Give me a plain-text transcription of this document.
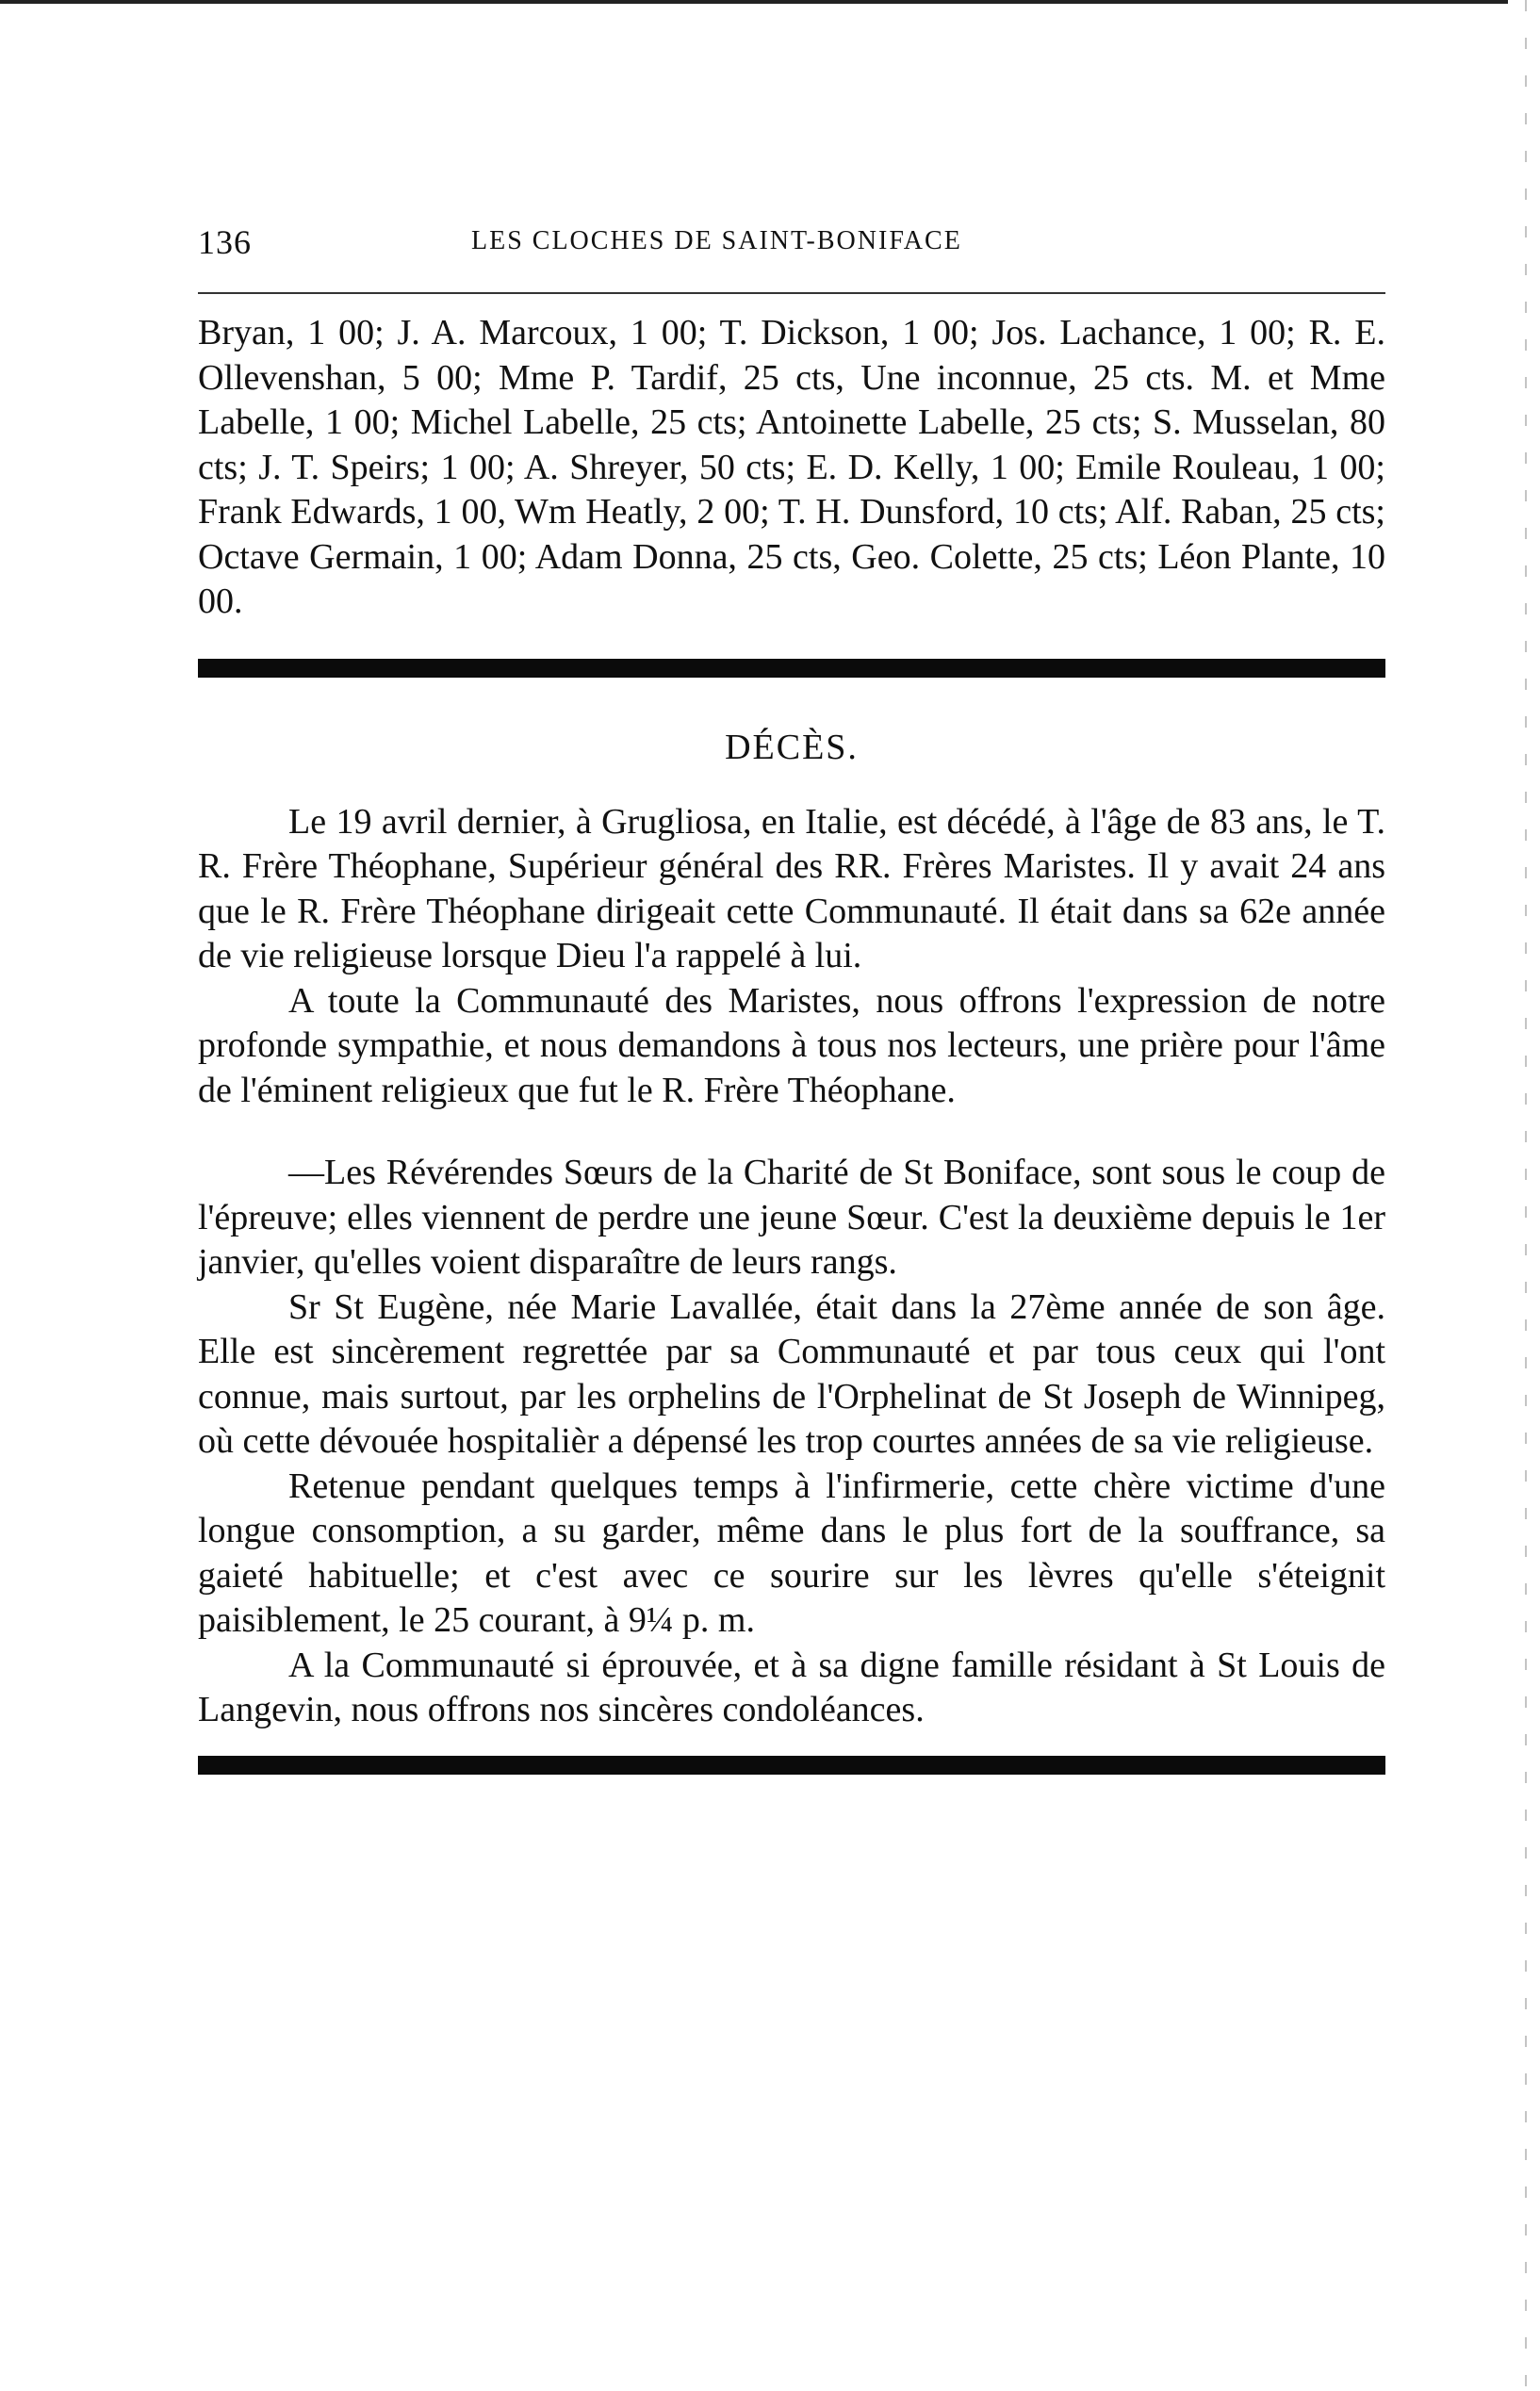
136	LES CLOCHES DE SAINT-BONIFACE

Bryan, 1 00; J. A. Marcoux, 1 00; T. Dickson, 1 00; Jos. Lachance, 1 00; R. E. Ollevenshan, 5 00; Mme P. Tardif, 25 cts, Une inconnue, 25 cts. M. et Mme Labelle, 1 00; Michel Labelle, 25 cts; Antoinette Labelle, 25 cts; S. Musselan, 80 cts; J. T. Speirs; 1 00; A. Shreyer, 50 cts; E. D. Kelly, 1 00; Emile Rouleau, 1 00; Frank Edwards, 1 00, Wm Heatly, 2 00; T. H. Dunsford, 10 cts; Alf. Raban, 25 cts; Octave Germain, 1 00; Adam Donna, 25 cts, Geo. Colette, 25 cts; Léon Plante, 10 00.

DÉCÈS.

Le 19 avril dernier, à Grugliosa, en Italie, est décédé, à l'âge de 83 ans, le T. R. Frère Théophane, Supérieur général des RR. Frères Maristes. Il y avait 24 ans que le R. Frère Théophane dirigeait cette Communauté. Il était dans sa 62e année de vie religieuse lorsque Dieu l'a rappelé à lui.

A toute la Communauté des Maristes, nous offrons l'expression de notre profonde sympathie, et nous demandons à tous nos lecteurs, une prière pour l'âme de l'éminent religieux que fut le R. Frère Théophane.

—Les Révérendes Sœurs de la Charité de St Boniface, sont sous le coup de l'épreuve; elles viennent de perdre une jeune Sœur. C'est la deuxième depuis le 1er janvier, qu'elles voient disparaître de leurs rangs.

Sr St Eugène, née Marie Lavallée, était dans la 27ème année de son âge. Elle est sincèrement regrettée par sa Communauté et par tous ceux qui l'ont connue, mais surtout, par les orphelins de l'Orphelinat de St Joseph de Winnipeg, où cette dévouée hospitalièr a dépensé les trop courtes années de sa vie religieuse.

Retenue pendant quelques temps à l'infirmerie, cette chère victime d'une longue consomption, a su garder, même dans le plus fort de la souffrance, sa gaieté habituelle; et c'est avec ce sourire sur les lèvres qu'elle s'éteignit paisiblement, le 25 courant, à 9¼ p. m.

A la Communauté si éprouvée, et à sa digne famille résidant à St Louis de Langevin, nous offrons nos sincères condoléances.
